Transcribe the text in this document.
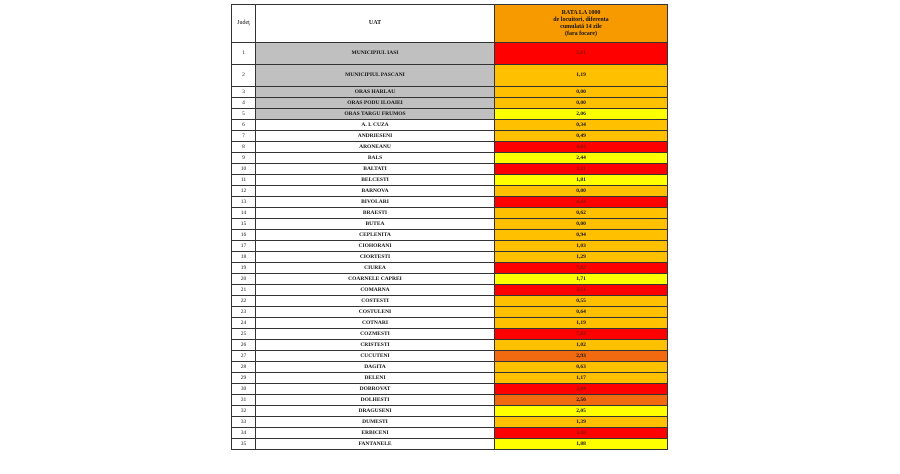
Judeţ	UAT	RATA LA 1000
de locuitori, diferenta
cumulată 14 zile
(fara focare)

1	MUNICIPIUL IASI	5,61
2	MUNICIPIUL PASCANI	1,19
3	ORAS HARLAU	0,00
4	ORAS PODU ILOAIEI	0,00
5	ORAS TARGU FRUMOS	2,06
6	A. I. CUZA	0,34
7	ANDRIESENI	0,49
8	ARONEANU	4,03
9	BALS	2,44
10	BALTATI	3,31
11	BELCESTI	1,81
12	BARNOVA	0,00
13	BIVOLARI	4,43
14	BRAESTI	0,62
15	BUTEA	0,00
16	CEPLENITA	0,94
17	CIOHORANI	1,03
18	CIORTESTI	1,29
19	CIUREA	7,82
20	COARNELE CAPREI	1,71
21	COMARNA	3,51
22	COSTESTI	0,55
23	COSTULENI	0,64
24	COTNARI	1,19
25	COZMESTI	7,82
26	CRISTESTI	1,02
27	CUCUTENI	2,93
28	DAGITA	0,63
29	DELENI	1,17
30	DOBROVAT	3,84
31	DOLHESTI	2,56
32	DRAGUSENI	2,05
33	DUMESTI	1,39
34	ERBICENI	3,18
35	FANTANELE	1,88
